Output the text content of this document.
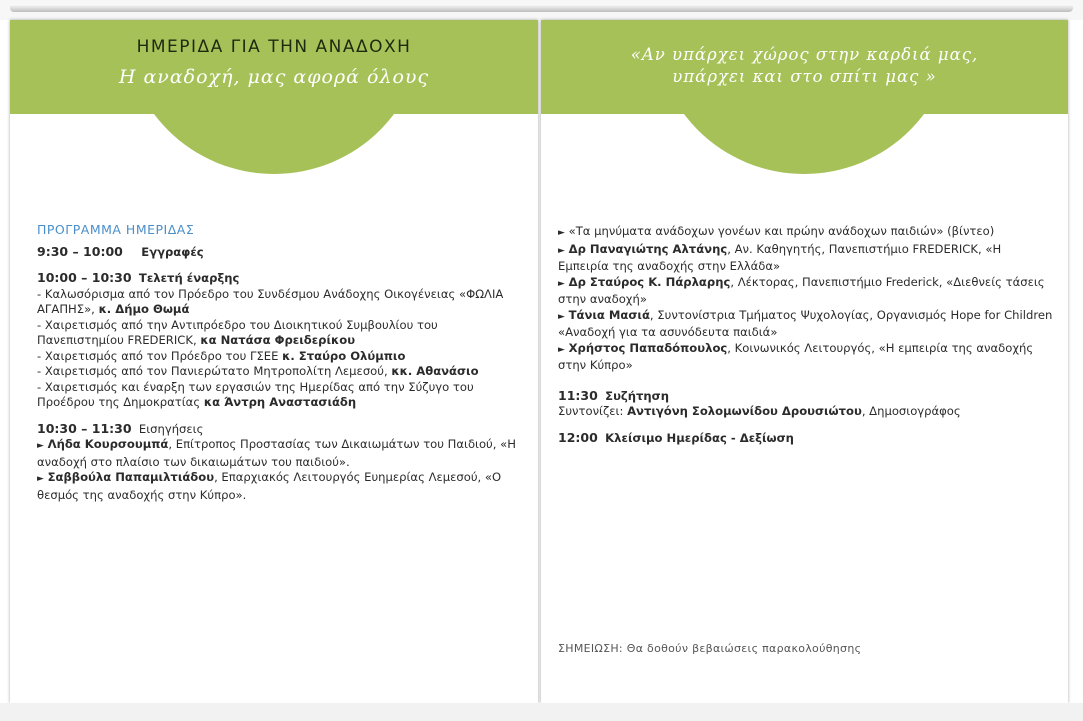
ΗΜΕΡΙΔΑ ΓΙΑ ΤΗΝ ΑΝΑΔΟΧΗ
Η αναδοχή, μας αφορά όλους
ΠΡΟΓΡΑΜΜΑ ΗΜΕΡΙΔΑΣ
9:30 – 10:00 Εγγραφές

10:00 – 10:30 Τελετή έναρξης

- Καλωσόρισμα από τον Πρόεδρο του Συνδέσμου Ανάδοχης Οικογένειας «ΦΩΛΙΑ ΑΓΑΠΗΣ», κ. Δήμο Θωμά

- Χαιρετισμός από την Αντιπρόεδρο του Διοικητικού Συμβουλίου του Πανεπιστημίου FREDERICK, κα Νατάσα Φρειδερίκου

- Χαιρετισμός από τον Πρόεδρο του ΓΣΕΕ κ. Σταύρο Ολύμπιο

- Χαιρετισμός από τον Πανιερώτατο Μητροπολίτη Λεμεσού, κκ. Αθανάσιο

- Χαιρετισμός και έναρξη των εργασιών της Ημερίδας από την Σύζυγο του Προέδρου της Δημοκρατίας κα Άντρη Αναστασιάδη

10:30 – 11:30 Εισηγήσεις

► Λήδα Κουρσουμπά, Επίτροπος Προστασίας των Δικαιωμάτων του Παιδιού, «Η αναδοχή στο πλαίσιο των δικαιωμάτων του παιδιού».

► Σαββούλα Παπαμιλτιάδου, Επαρχιακός Λειτουργός Ευημερίας Λεμεσού, «Ο θεσμός της αναδοχής στην Κύπρο».

«Αν υπάρχει χώρος στην καρδιά μας,
υπάρχει και στο σπίτι μας »

► «Τα μηνύματα ανάδοχων γονέων και πρώην ανάδοχων παιδιών» (βίντεο)

► Δρ Παναγιώτης Αλτάνης, Αν. Καθηγητής, Πανεπιστήμιο FREDERICK, «Η Εμπειρία της αναδοχής στην Ελλάδα»

► Δρ Σταύρος Κ. Πάρλαρης, Λέκτορας, Πανεπιστήμιο Frederick, «Διεθνείς τάσεις στην αναδοχή»

► Τάνια Μασιά, Συντονίστρια Τμήματος Ψυχολογίας, Οργανισμός Hope for Children «Αναδοχή για τα ασυνόδευτα παιδιά»

► Χρήστος Παπαδόπουλος, Κοινωνικός Λειτουργός, «Η εμπειρία της αναδοχής στην Κύπρο»

11:30 Συζήτηση

Συντονίζει: Αντιγόνη Σολομωνίδου Δρουσιώτου, Δημοσιογράφος

12:00 Κλείσιμο Ημερίδας - Δεξίωση

ΣΗΜΕΙΩΣΗ: Θα δοθούν βεβαιώσεις παρακολούθησης
